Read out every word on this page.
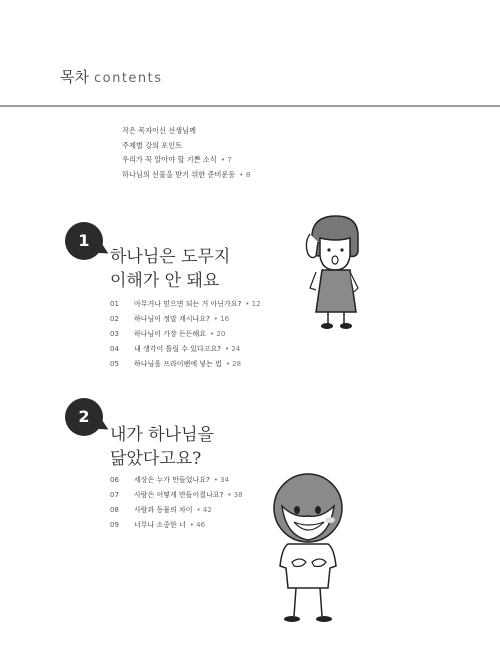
목차 contents
작은 목자이신 선생님께
주제별 강의 포인트
우리가 꼭 알아야 할 기쁜 소식 • 7
하나님의 선물을 받기 위한 준비운동 • 8
1
하나님은 도무지
이해가 안 돼요
01 아무거나 믿으면 되는 거 아닌가요? • 12
02 하나님이 정말 계시나요? • 16
03 하나님이 가장 든든해요 • 20
04 내 생각이 틀릴 수 있다고요? • 24
05 하나님을 프라이팬에 넣는 법 • 28
2
내가 하나님을
닮았다고요?
06 세상은 누가 만들었나요? • 34
07 사람은 어떻게 만들어졌나요? • 38
08 사람과 동물의 차이 • 42
09 너무나 소중한 너 • 46
